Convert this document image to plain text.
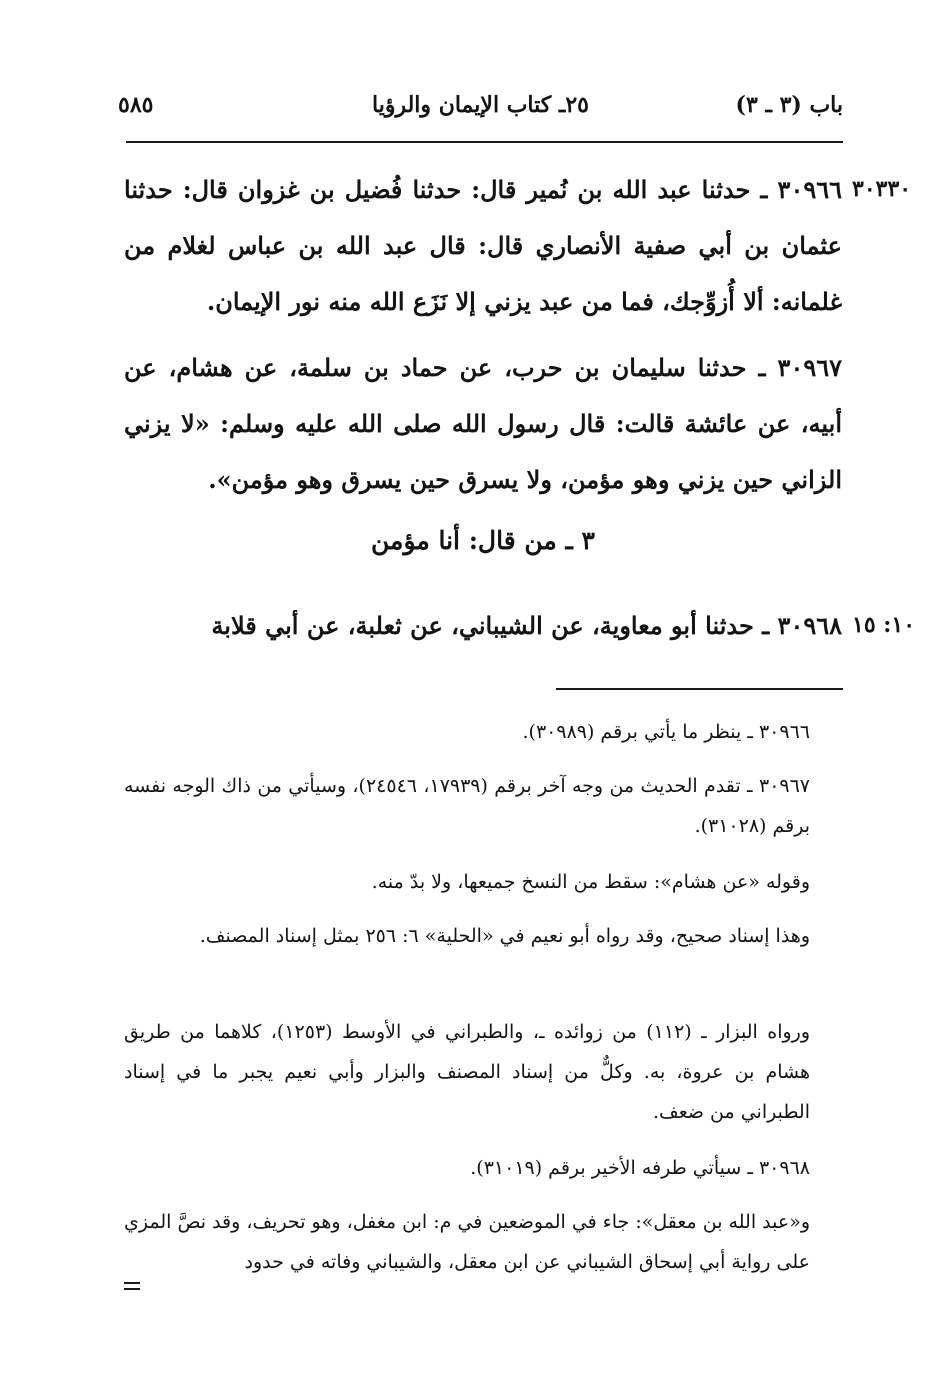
باب (٣ ـ ٣)
٢٥ـ كتاب الإيمان والرؤيا
٥٨٥
٣٠٣٣٠

٣٠٩٦٦ ـ حدثنا عبد الله بن نُمير قال: حدثنا فُضيل بن غزوان قال: حدثنا عثمان بن أبي صفية الأنصاري قال: قال عبد الله بن عباس لغلام من غلمانه: ألا أُزوِّجك، فما من عبد يزني إلا نَزَع الله منه نور الإيمان.

٣٠٩٦٧ ـ حدثنا سليمان بن حرب، عن حماد بن سلمة، عن هشام، عن أبيه، عن عائشة قالت: قال رسول الله صلى الله عليه وسلم: «لا يزني الزاني حين يزني وهو مؤمن، ولا يسرق حين يسرق وهو مؤمن».

٣ ـ من قال: أنا مؤمن
١٠: ١٥

٣٠٩٦٨ ـ حدثنا أبو معاوية، عن الشيباني، عن ثعلبة، عن أبي قلابة

٣٠٩٦٦ ـ ينظر ما يأتي برقم (٣٠٩٨٩).

٣٠٩٦٧ ـ تقدم الحديث من وجه آخر برقم (١٧٩٣٩، ٢٤٥٤٦)، وسيأتي من ذاك الوجه نفسه برقم (٣١٠٢٨).

وقوله «عن هشام»: سقط من النسخ جميعها، ولا بدّ منه.

وهذا إسناد صحيح، وقد رواه أبو نعيم في «الحلية» ٦: ٢٥٦ بمثل إسناد المصنف.

ورواه البزار ـ (١١٢) من زوائده ـ، والطبراني في الأوسط (١٢٥٣)، كلاهما من طريق هشام بن عروة، به. وكلٌّ من إسناد المصنف والبزار وأبي نعيم يجبر ما في إسناد الطبراني من ضعف.

٣٠٩٦٨ ـ سيأتي طرفه الأخير برقم (٣١٠١٩).

و«عبد الله بن معقل»: جاء في الموضعين في م: ابن مغفل، وهو تحريف، وقد نصَّ المزي على رواية أبي إسحاق الشيباني عن ابن معقل، والشيباني وفاته في حدود
